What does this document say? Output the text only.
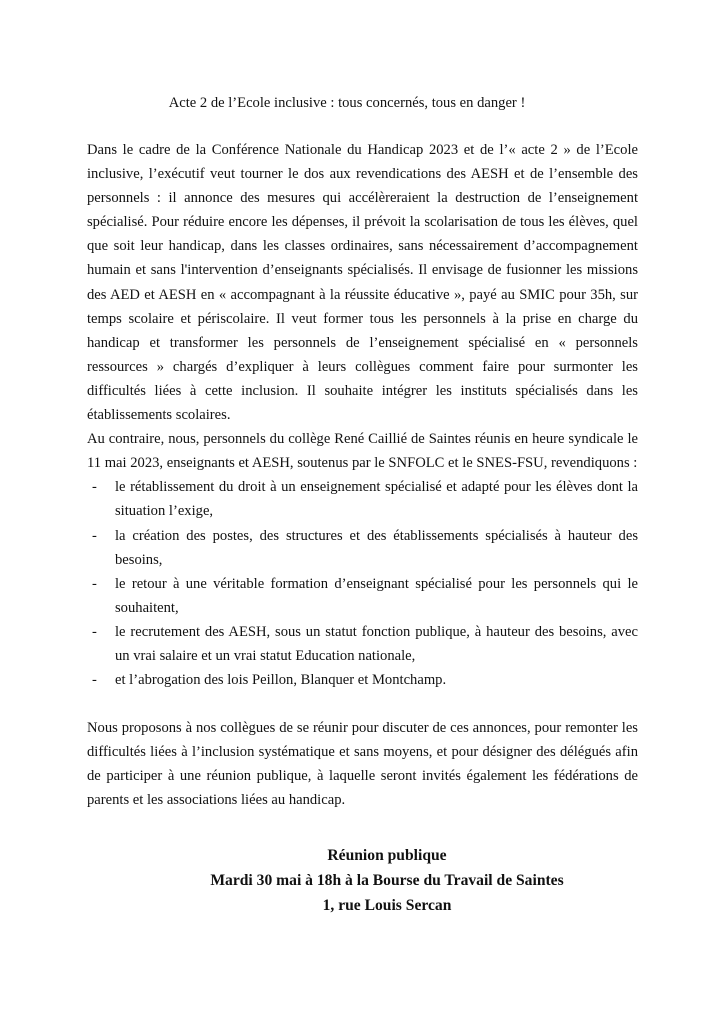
Acte 2 de l’Ecole inclusive : tous concernés, tous en danger !

Dans le cadre de la Conférence Nationale du Handicap 2023 et de l’« acte 2 » de l’Ecole inclusive, l’exécutif veut tourner le dos aux revendications des AESH et de l’ensemble des personnels : il annonce des mesures qui accélèreraient la destruction de l’enseignement spécialisé. Pour réduire encore les dépenses, il prévoit la scolarisation de tous les élèves, quel que soit leur handicap, dans les classes ordinaires, sans nécessairement d’accompagnement humain et sans l'intervention d’enseignants spécialisés. Il envisage de fusionner les missions des AED et AESH en « accompagnant à la réussite éducative », payé au SMIC pour 35h, sur temps scolaire et périscolaire. Il veut former tous les personnels à la prise en charge du handicap et transformer les personnels de l’enseignement spécialisé en « personnels ressources » chargés d’expliquer à leurs collègues comment faire pour surmonter les difficultés liées à cette inclusion. Il souhaite intégrer les instituts spécialisés dans les établissements scolaires.

Au contraire, nous, personnels du collège René Caillié de Saintes réunis en heure syndicale le 11 mai 2023, enseignants et AESH, soutenus par le SNFOLC et le SNES-FSU, revendiquons :

- le rétablissement du droit à un enseignement spécialisé et adapté pour les élèves dont la situation l’exige,
- la création des postes, des structures et des établissements spécialisés à hauteur des besoins,
- le retour à une véritable formation d’enseignant spécialisé pour les personnels qui le souhaitent,
- le recrutement des AESH, sous un statut fonction publique, à hauteur des besoins, avec un vrai salaire et un vrai statut Education nationale,
- et l’abrogation des lois Peillon, Blanquer et Montchamp.

Nous proposons à nos collègues de se réunir pour discuter de ces annonces, pour remonter les difficultés liées à l’inclusion systématique et sans moyens, et pour désigner des délégués afin de participer à une réunion publique, à laquelle seront invités également les fédérations de parents et les associations liées au handicap.

Réunion publique
Mardi 30 mai à 18h à la Bourse du Travail de Saintes
1, rue Louis Sercan
